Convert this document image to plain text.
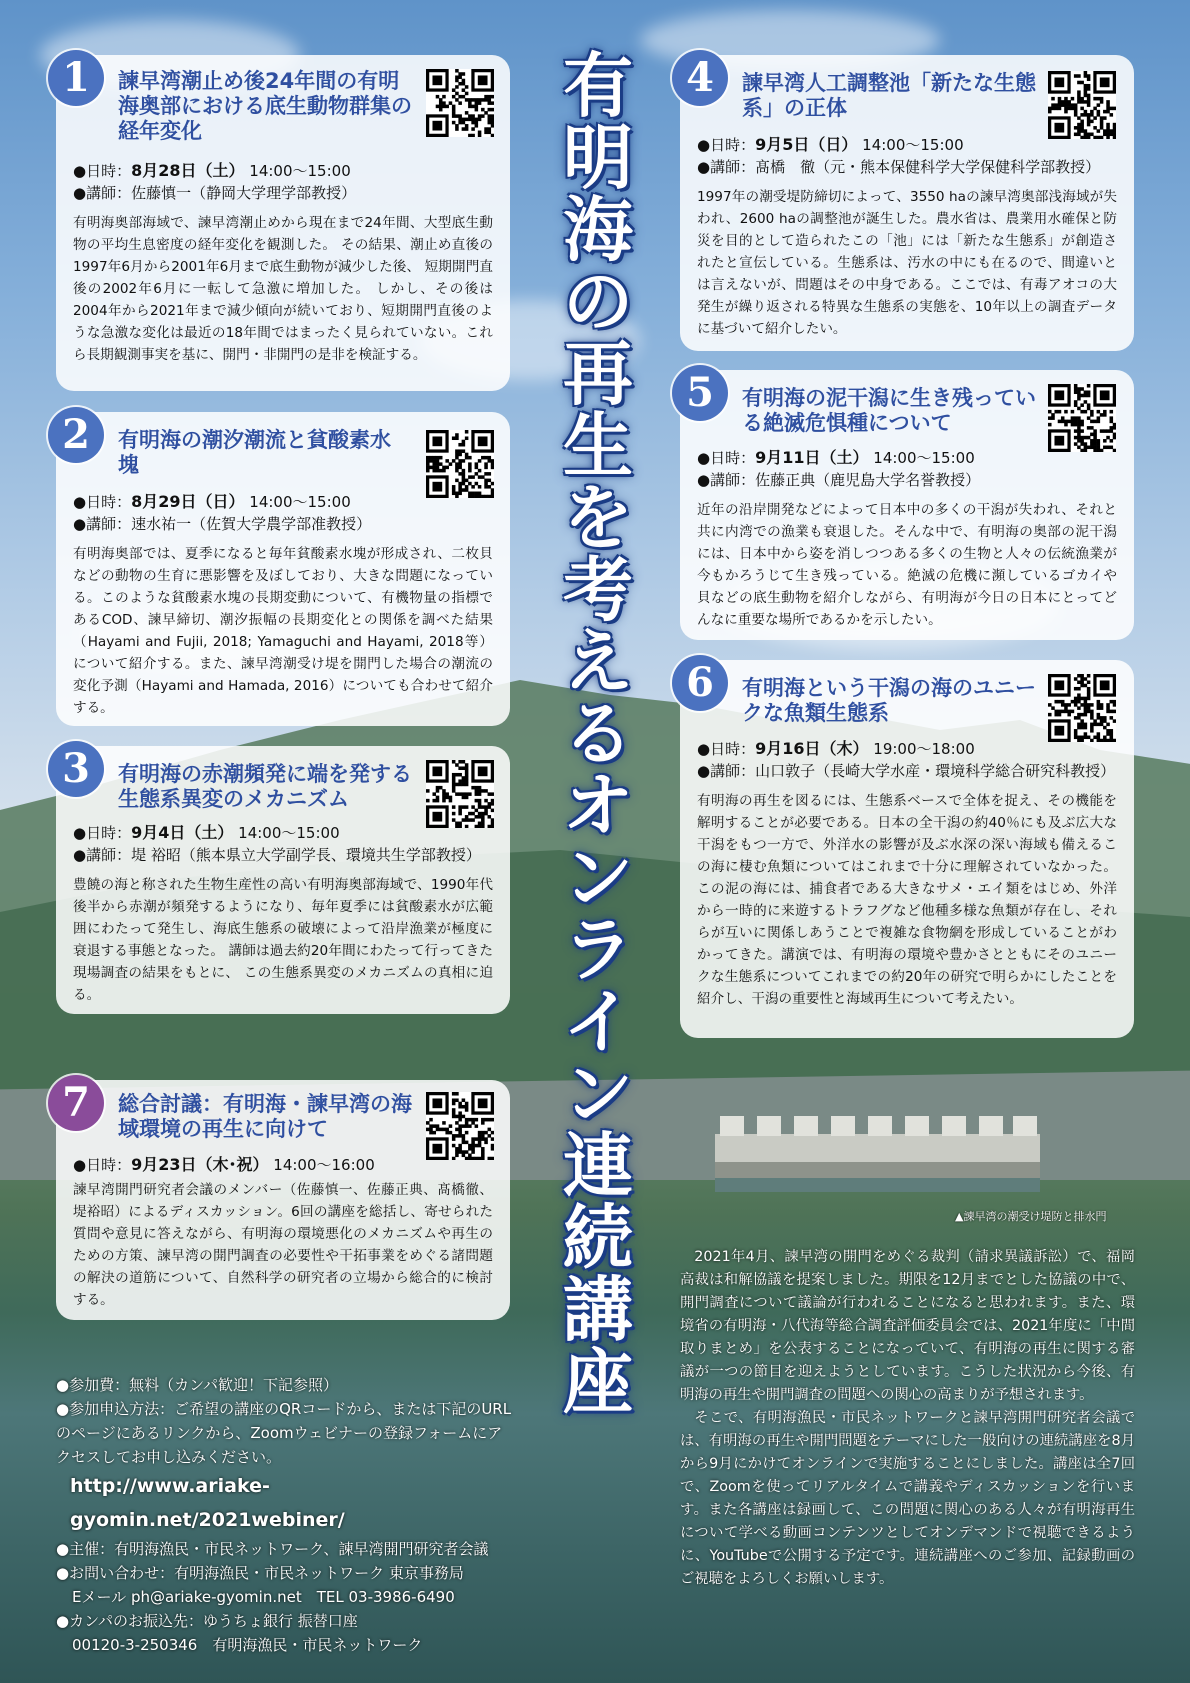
有
明
海
の
再
生
を
考
え
る
オ
ン
ラ
イ
ン
連
続
講
座
1	諫早湾潮止め後24年間の有明海奥部における底生動物群集の経年変化
●日時：8月28日（土） 14:00～15:00
●講師：佐藤慎一（静岡大学理学部教授）
有明海奥部海域で、諫早湾潮止めから現在まで24年間、大型底生動物の平均生息密度の経年変化を観測した。 その結果、潮止め直後の1997年6月から2001年6月まで底生動物が減少した後、 短期開門直後の2002年6月に一転して急激に増加した。 しかし、その後は2004年から2021年まで減少傾向が続いており、短期開門直後のような急激な変化は最近の18年間ではまったく見られていない。これら長期観測事実を基に、開門・非開門の是非を検証する。
2	有明海の潮汐潮流と貧酸素水塊
●日時：8月29日（日） 14:00～15:00
●講師：速水祐一（佐賀大学農学部准教授）
有明海奥部では、夏季になると毎年貧酸素水塊が形成され、二枚貝などの動物の生育に悪影響を及ぼしており、大きな問題になっている。このような貧酸素水塊の長期変動について、有機物量の指標であるCOD、諫早締切、潮汐振幅の長期変化との関係を調べた結果（Hayami and Fujii, 2018; Yamaguchi and Hayami, 2018等） について紹介する。また、諫早湾潮受け堤を開門した場合の潮流の変化予測（Hayami and Hamada, 2016）についても合わせて紹介する。
3	有明海の赤潮頻発に端を発する生態系異変のメカニズム
●日時：9月4日（土） 14:00～15:00
●講師：堤 裕昭（熊本県立大学副学長、環境共生学部教授）
豊饒の海と称された生物生産性の高い有明海奥部海域で、1990年代後半から赤潮が頻発するようになり、毎年夏季には貧酸素水が広範囲にわたって発生し、海底生態系の破壊によって沿岸漁業が極度に衰退する事態となった。 講師は過去約20年間にわたって行ってきた現場調査の結果をもとに、 この生態系異変のメカニズムの真相に迫る。
4	諫早湾人工調整池「新たな生態系」の正体
●日時：9月5日（日） 14:00～15:00
●講師：髙橋　徹（元・熊本保健科学大学保健科学部教授）
1997年の潮受堤防締切によって、3550 haの諫早湾奥部浅海域が失われ、2600 haの調整池が誕生した。農水省は、農業用水確保と防災を目的として造られたこの「池」には「新たな生態系」が創造されたと宣伝している。生態系は、汚水の中にも在るので、間違いとは言えないが、問題はその中身である。ここでは、有毒アオコの大発生が繰り返される特異な生態系の実態を、10年以上の調査データに基づいて紹介したい。
5	有明海の泥干潟に生き残っている絶滅危惧種について
●日時：9月11日（土） 14:00～15:00
●講師：佐藤正典（鹿児島大学名誉教授）
近年の沿岸開発などによって日本中の多くの干潟が失われ、それと共に内湾での漁業も衰退した。そんな中で、有明海の奥部の泥干潟には、日本中から姿を消しつつある多くの生物と人々の伝統漁業が今もかろうじて生き残っている。絶滅の危機に瀕しているゴカイや貝などの底生動物を紹介しながら、有明海が今日の日本にとってどんなに重要な場所であるかを示したい。
6	有明海という干潟の海のユニークな魚類生態系
●日時：9月16日（木） 19:00～18:00
●講師：山口敦子（長崎大学水産・環境科学総合研究科教授）
有明海の再生を図るには、生態系ベースで全体を捉え、その機能を解明することが必要である。日本の全干潟の約40％にも及ぶ広大な干潟をもつ一方で、外洋水の影響が及ぶ水深の深い海域も備えるこの海に棲む魚類についてはこれまで十分に理解されていなかった。この泥の海には、捕食者である大きなサメ・エイ類をはじめ、外洋から一時的に来遊するトラフグなど他種多様な魚類が存在し、それらが互いに関係しあうことで複雑な食物網を形成していることがわかってきた。講演では、有明海の環境や豊かさとともにそのユニークな生態系についてこれまでの約20年の研究で明らかにしたことを紹介し、干潟の重要性と海域再生について考えたい。
7	総合討議：有明海・諫早湾の海域環境の再生に向けて
●日時：9月23日（木･祝） 14:00～16:00
諫早湾開門研究者会議のメンバー（佐藤慎一、佐藤正典、髙橋徹、堤裕昭）によるディスカッション。6回の講座を総括し、寄せられた質問や意見に答えながら、有明海の環境悪化のメカニズムや再生のための方策、諫早湾の開門調査の必要性や干拓事業をめぐる諸問題の解決の道筋について、自然科学の研究者の立場から総合的に検討する。
●参加費：無料（カンパ歓迎！下記参照）
●参加申込方法：ご希望の講座のQRコードから、または下記のURLのページにあるリンクから、Zoomウェビナーの登録フォームにアクセスしてお申し込みください。
http://www.ariake-gyomin.net/2021webiner/
●主催：有明海漁民・市民ネットワーク、諫早湾開門研究者会議
●お問い合わせ：有明海漁民・市民ネットワーク 東京事務局
Eメール ph@ariake-gyomin.net　TEL 03-3986-6490
●カンパのお振込先：ゆうちょ銀行 振替口座
00120-3-250346　有明海漁民・市民ネットワーク
▲諫早湾の潮受け堤防と排水門

2021年4月、諫早湾の開門をめぐる裁判（請求異議訴訟）で、福岡高裁は和解協議を提案しました。期限を12月までとした協議の中で、開門調査について議論が行われることになると思われます。また、環境省の有明海・八代海等総合調査評価委員会では、2021年度に「中間取りまとめ」を公表することになっていて、有明海の再生に関する審議が一つの節目を迎えようとしています。こうした状況から今後、有明海の再生や開門調査の問題への関心の高まりが予想されます。

そこで、有明海漁民・市民ネットワークと諫早湾開門研究者会議では、有明海の再生や開門問題をテーマにした一般向けの連続講座を8月から9月にかけてオンラインで実施することにしました。講座は全7回で、Zoomを使ってリアルタイムで講義やディスカッションを行います。また各講座は録画して、この問題に関心のある人々が有明海再生について学べる動画コンテンツとしてオンデマンドで視聴できるように、YouTubeで公開する予定です。連続講座へのご参加、記録動画のご視聴をよろしくお願いします。
